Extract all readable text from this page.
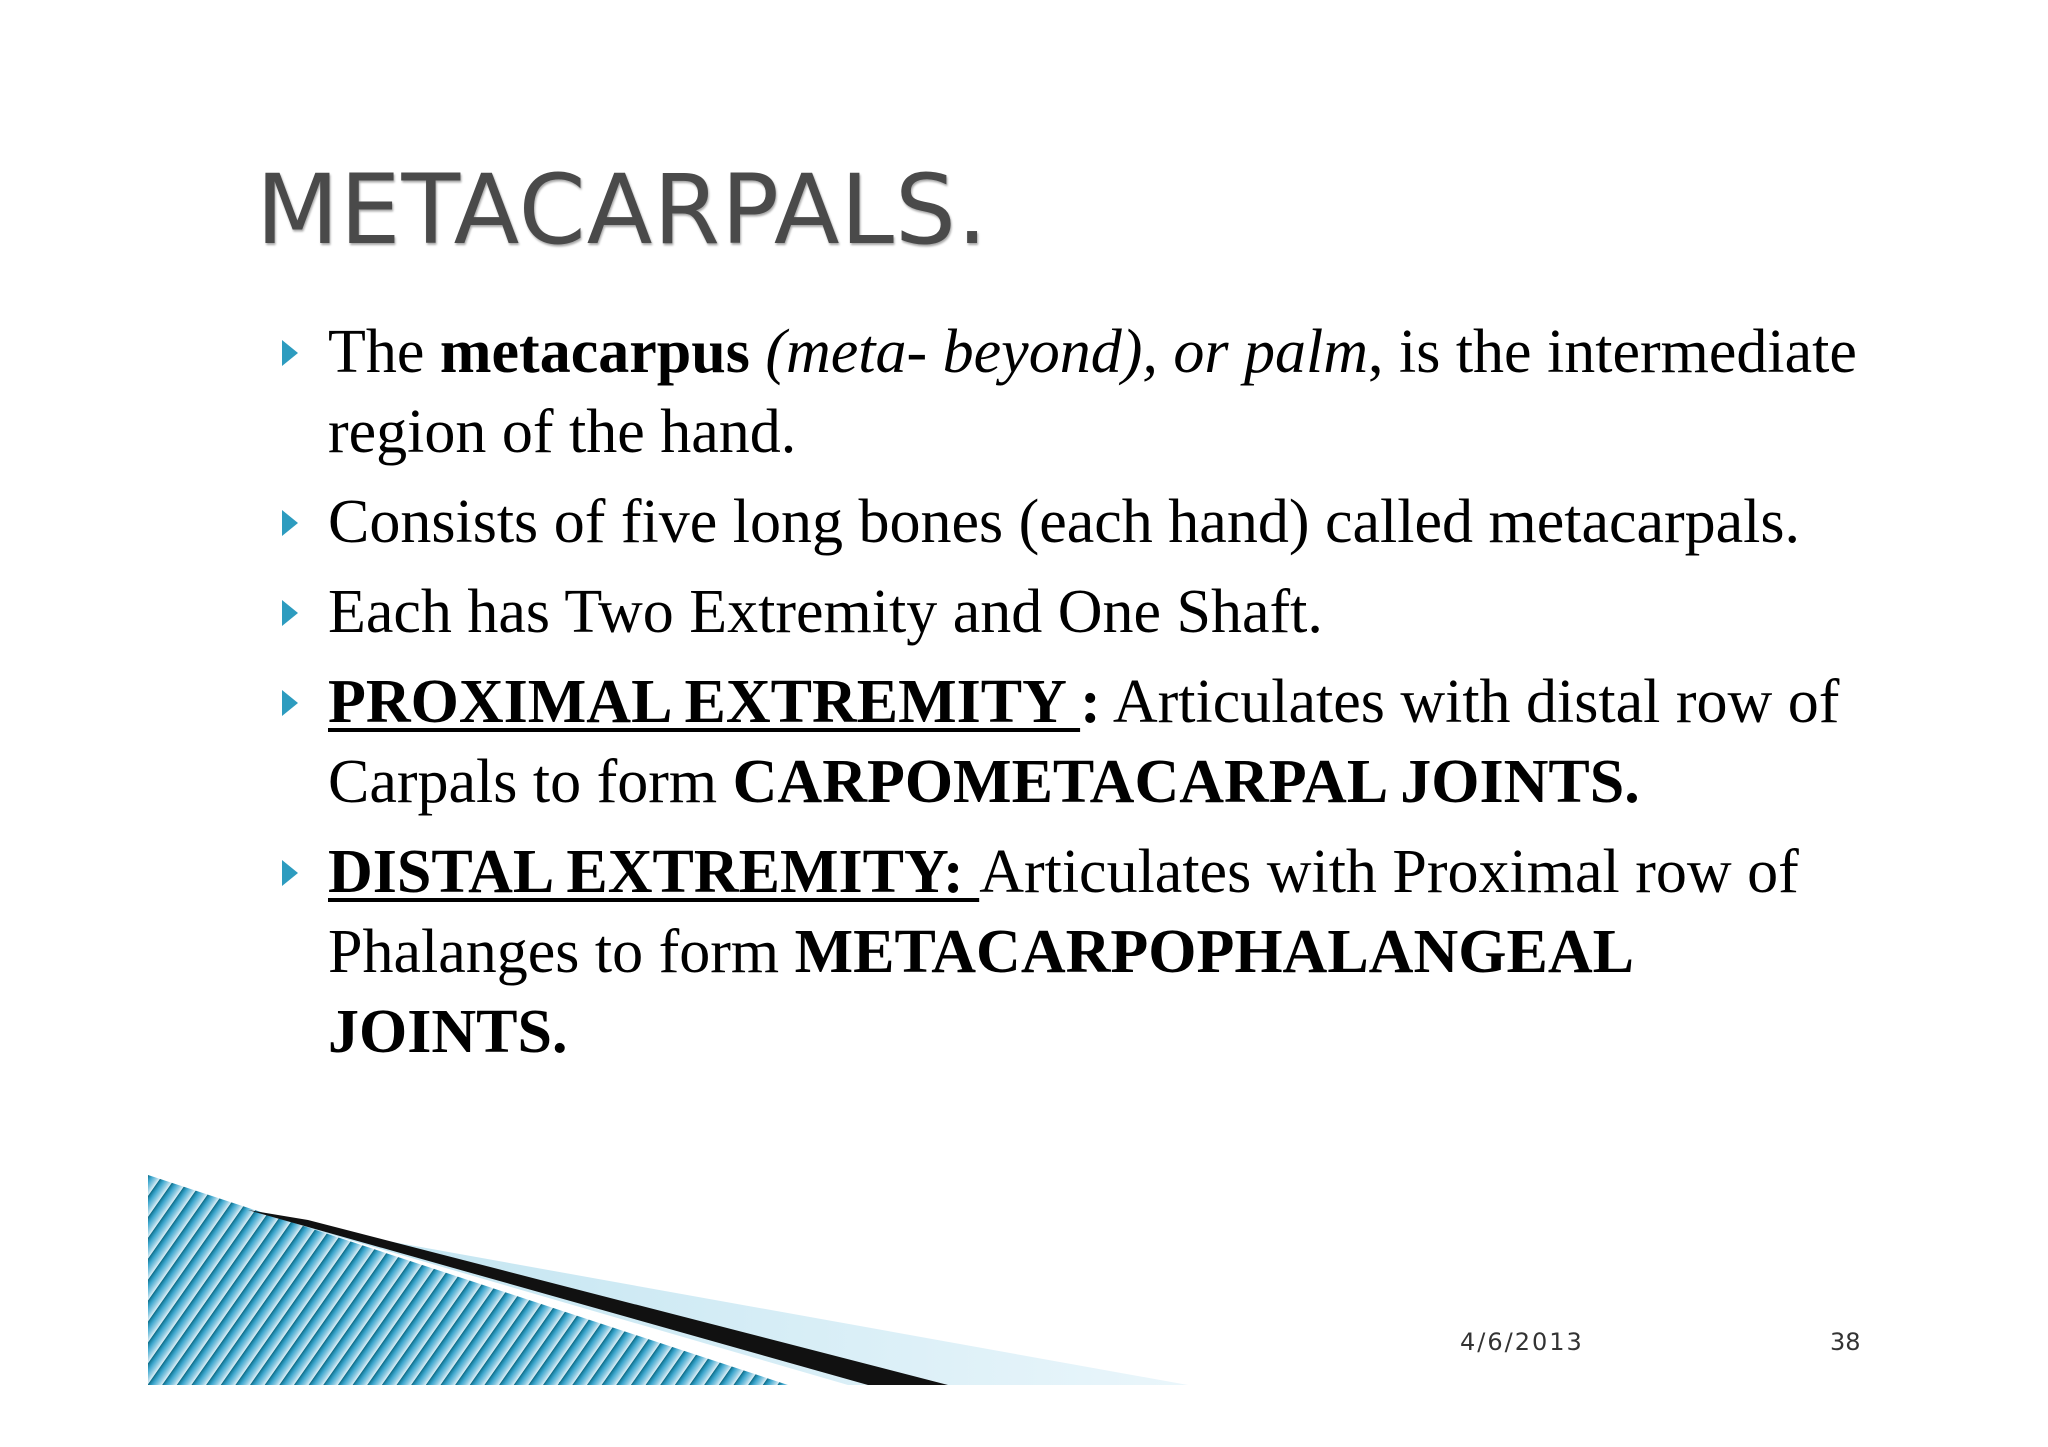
METACARPALS.
The metacarpus (meta- beyond), or palm, is the intermediate region of the hand.
Consists of five long bones (each hand) called metacarpals.
Each has Two Extremity and One Shaft.
PROXIMAL EXTREMITY : Articulates with distal row of Carpals to form CARPOMETACARPAL JOINTS.
DISTAL EXTREMITY: Articulates with Proximal row of Phalanges to form METACARPOPHALANGEAL JOINTS.
4/6/2013	38
